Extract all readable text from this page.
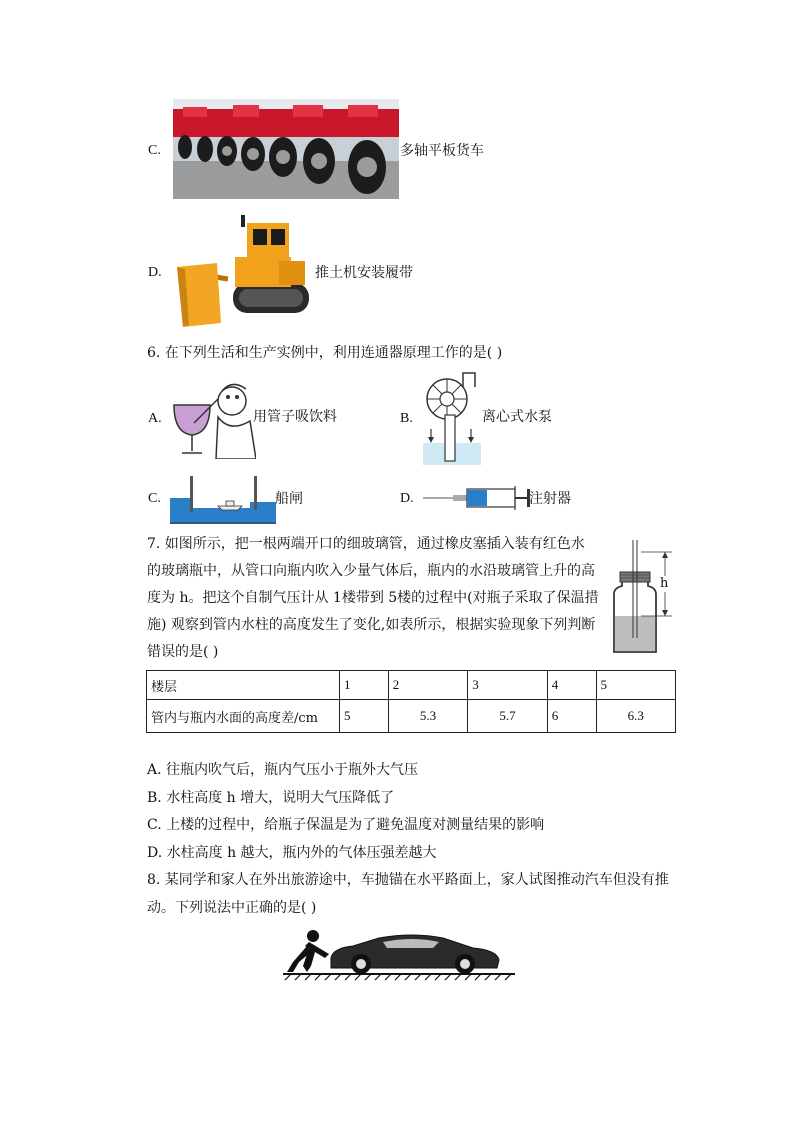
C.	多轴平板货车
D.	推土机安装履带
6. 在下列生活和生产实例中，利用连通器原理工作的是( )
A.	用管子吸饮料	B.	离心式水泵
C.	船闸	D.	注射器
7. 如图所示，把一根两端开口的细玻璃管，通过橡皮塞插入装有红色水
的玻璃瓶中，从管口向瓶内吹入少量气体后，瓶内的水沿玻璃管上升的高
度为 h。把这个自制气压计从 1楼带到 5楼的过程中(对瓶子采取了保温措
施) 观察到管内水柱的高度发生了变化,如表所示，根据实验现象下列判断
错误的是( )
h
楼层	1	2	3	4	5
管内与瓶内水面的高度差/cm	5	5.3	5.7	6	6.3
A. 往瓶内吹气后，瓶内气压小于瓶外大气压
B. 水柱高度 h 增大，说明大气压降低了
C. 上楼的过程中，给瓶子保温是为了避免温度对测量结果的影响
D. 水柱高度 h 越大，瓶内外的气体压强差越大
8. 某同学和家人在外出旅游途中，车抛锚在水平路面上，家人试图推动汽车但没有推
动。下列说法中正确的是( )
